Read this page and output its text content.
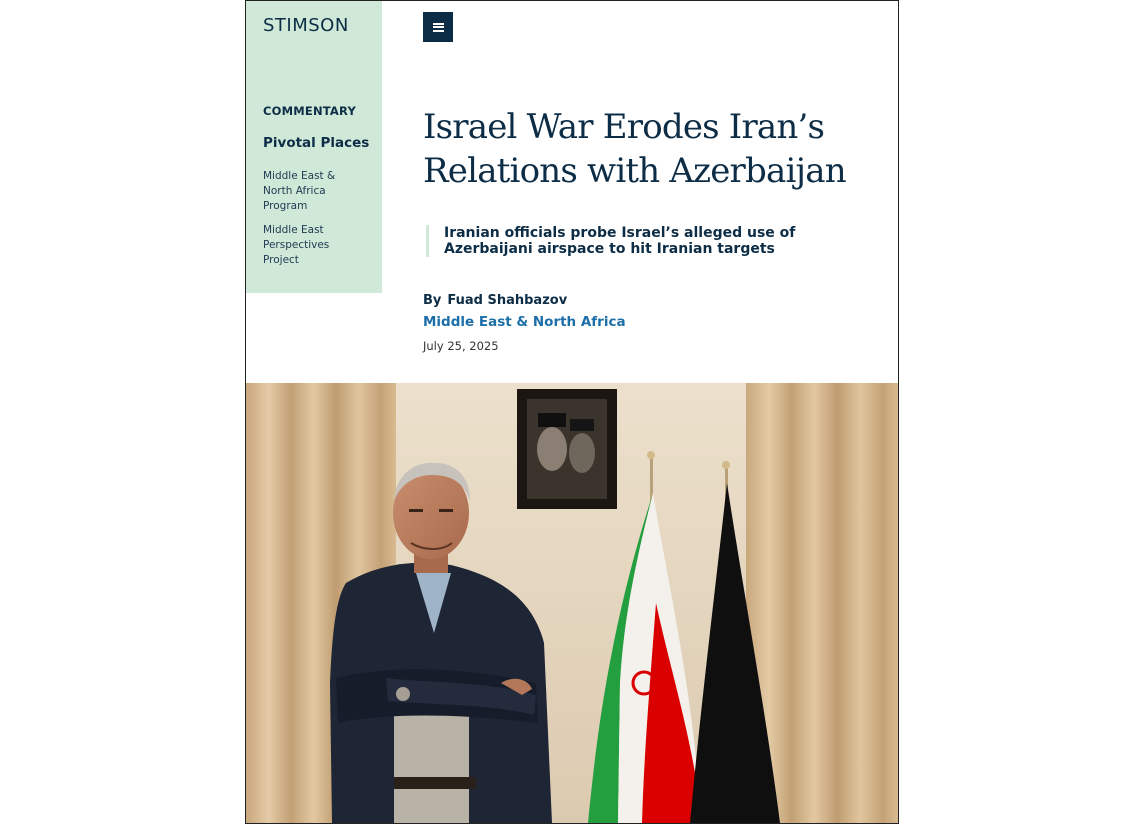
STIMSON
COMMENTARY
Pivotal Places
Middle East & North Africa Program
Middle East Perspectives Project
Israel War Erodes Iran’s Relations with Azerbaijan
Iranian officials probe Israel’s alleged use of Azerbaijani airspace to hit Iranian targets
By Fuad Shahbazov
Middle East & North Africa
July 25, 2025
